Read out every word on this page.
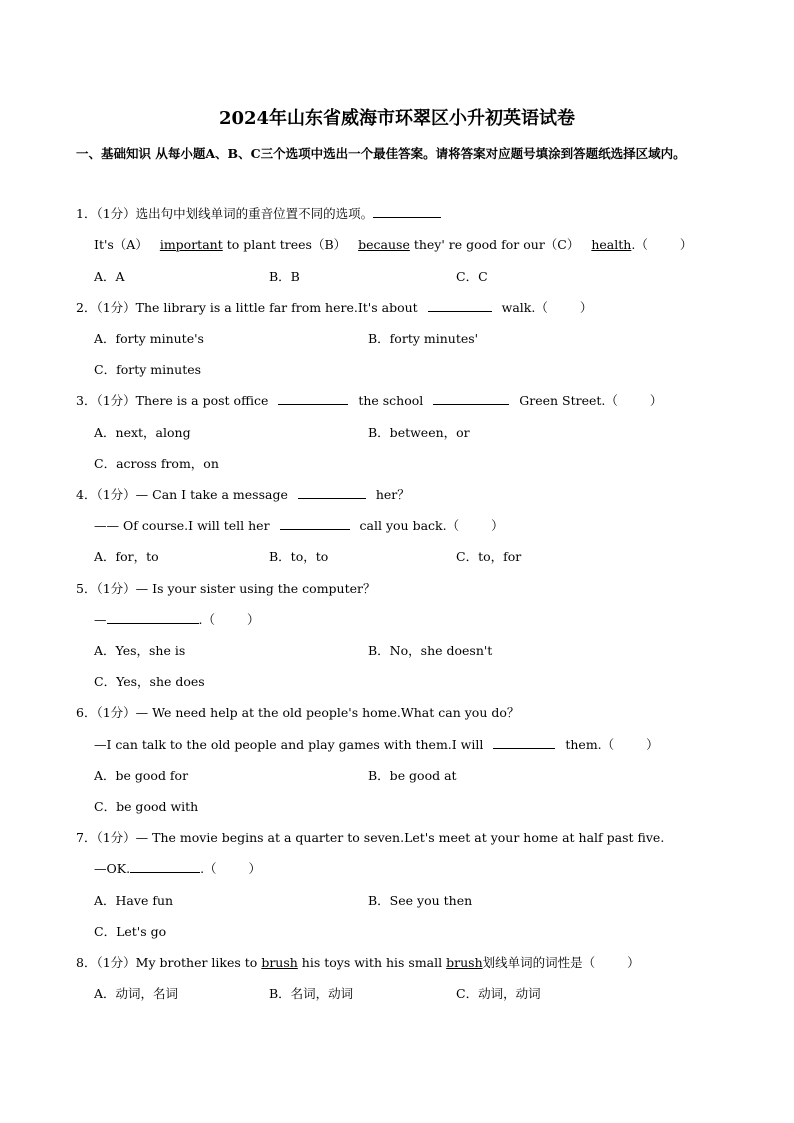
2024年山东省威海市环翠区小升初英语试卷
一、基础知识 从每小题A、B、C三个选项中选出一个最佳答案。请将答案对应题号填涂到答题纸选择区域内。
1．（1分）选出句中划线单词的重音位置不同的选项。
It's（A） important to plant trees（B） because they' re good for our（C） health.（	）
A．A	B．B	C．C
2．（1分）The library is a little far from here.It's about	walk.（	）
A．forty minute's	B．forty minutes'
C．forty minutes
3．（1分）There is a post office	the school	Green Street.（	）
A．next，along	B．between，or
C．across from，on
4．（1分）— Can I take a message	her？
—— Of course.I will tell her	call you back.（	）
A．for，to	B．to，to	C．to，for
5．（1分）— Is your sister using the computer？
—	.（	）
A．Yes，she is	B．No，she doesn't
C．Yes，she does
6．（1分）— We need help at the old people's home.What can you do？
—I can talk to the old people and play games with them.I will	them.（	）
A．be good for	B．be good at
C．be good with
7．（1分）— The movie begins at a quarter to seven.Let's meet at your home at half past five.
—OK.	.（	）
A．Have fun	B．See you then
C．Let's go
8．（1分）My brother likes to brush his toys with his small brush划线单词的词性是（	）
A．动词，名词	B．名词，动词	C．动词，动词
